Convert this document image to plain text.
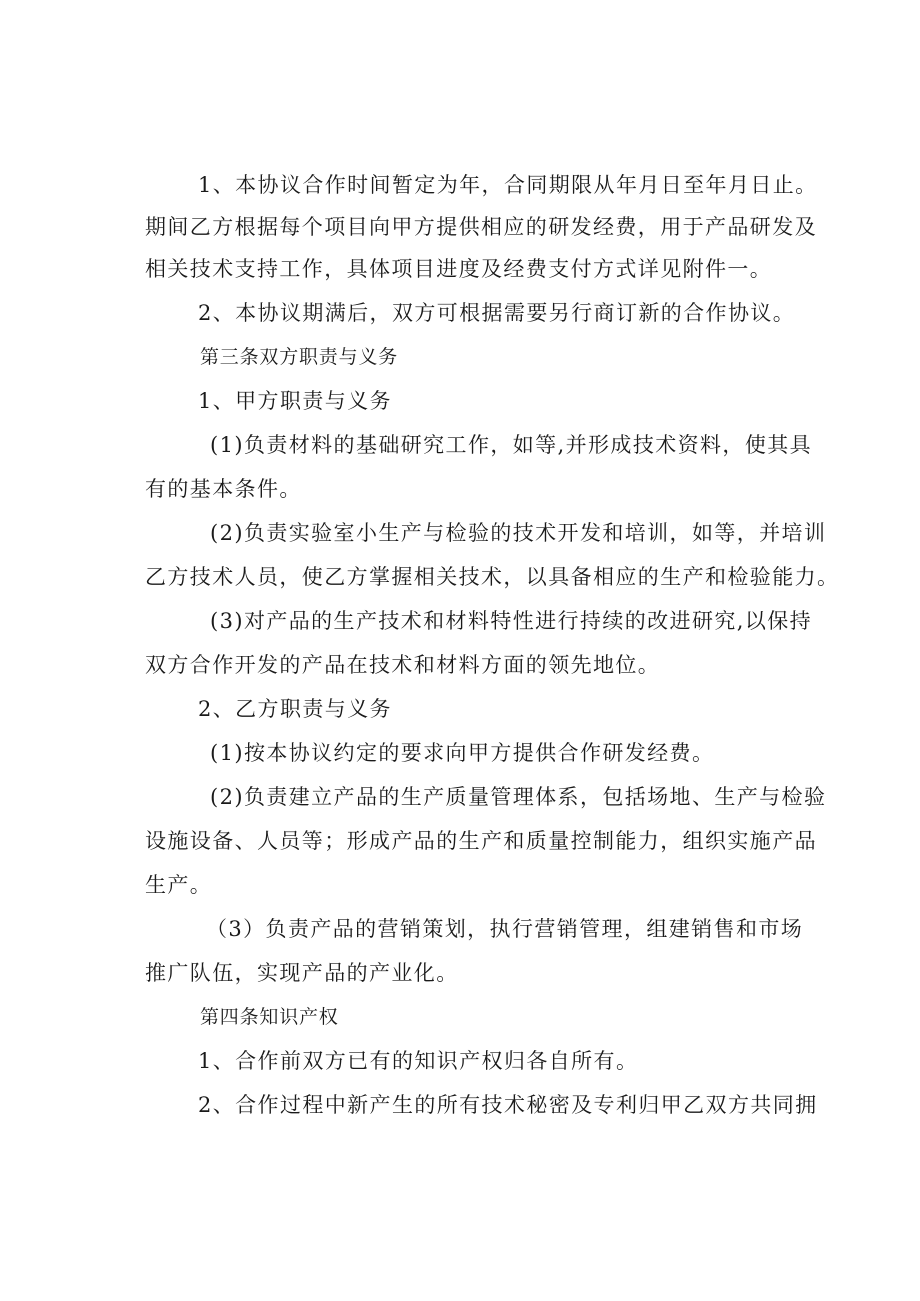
1、本协议合作时间暂定为年，合同期限从年月日至年月日止。
期间乙方根据每个项目向甲方提供相应的研发经费，用于产品研发及
相关技术支持工作，具体项目进度及经费支付方式详见附件一。
2、本协议期满后，双方可根据需要另行商订新的合作协议。
第三条双方职责与义务
1、甲方职责与义务
(1)负责材料的基础研究工作，如等,并形成技术资料，使其具
有的基本条件。
(2)负责实验室小生产与检验的技术开发和培训，如等，并培训
乙方技术人员，使乙方掌握相关技术，以具备相应的生产和检验能力。
(3)对产品的生产技术和材料特性进行持续的改进研究,以保持
双方合作开发的产品在技术和材料方面的领先地位。
2、乙方职责与义务
(1)按本协议约定的要求向甲方提供合作研发经费。
(2)负责建立产品的生产质量管理体系，包括场地、生产与检验
设施设备、人员等；形成产品的生产和质量控制能力，组织实施产品
生产。
（3）负责产品的营销策划，执行营销管理，组建销售和市场
推广队伍，实现产品的产业化。
第四条知识产权
1、合作前双方已有的知识产权归各自所有。
2、合作过程中新产生的所有技术秘密及专利归甲乙双方共同拥
